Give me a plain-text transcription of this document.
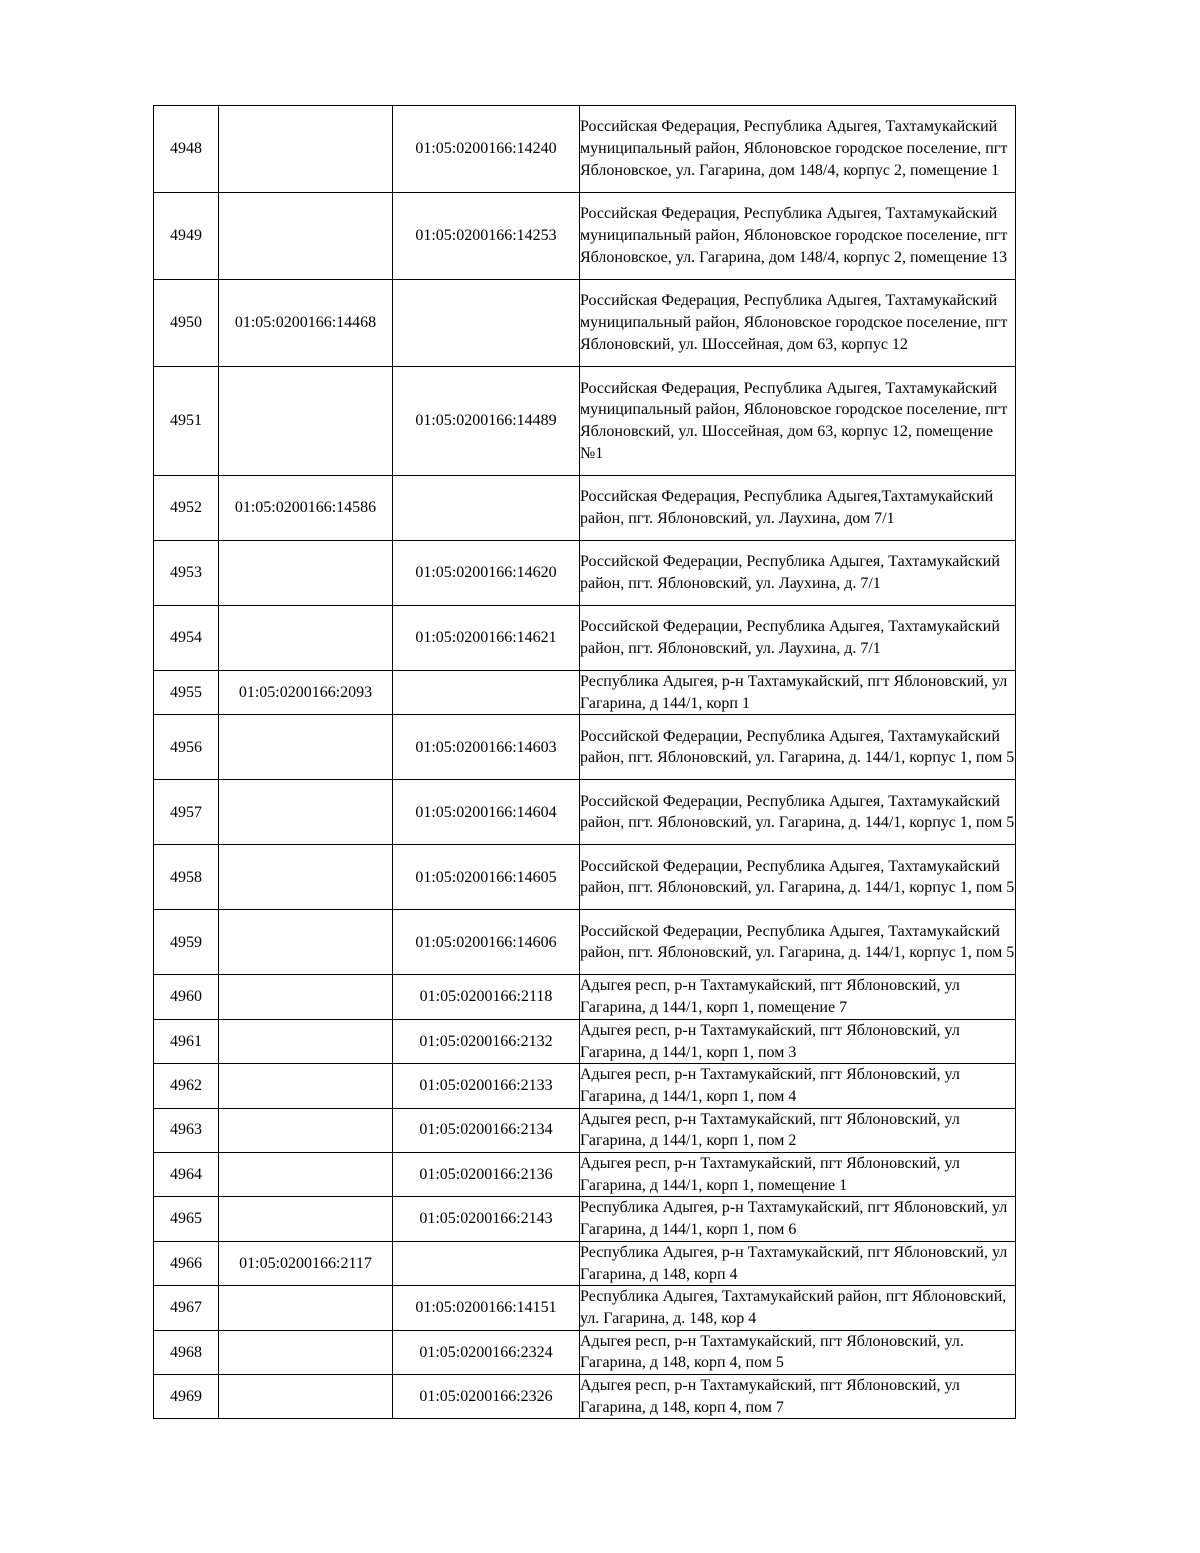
4948		01:05:0200166:14240	Российская Федерация, Республика Адыгея, Тахтамукайский муниципальный район, Яблоновское городское поселение, пгт Яблоновское, ул. Гагарина, дом 148/4, корпус 2, помещение 1
4949		01:05:0200166:14253	Российская Федерация, Республика Адыгея, Тахтамукайский муниципальный район, Яблоновское городское поселение, пгт Яблоновское, ул. Гагарина, дом 148/4, корпус 2, помещение 13
4950	01:05:0200166:14468		Российская Федерация, Республика Адыгея, Тахтамукайский муниципальный район, Яблоновское городское поселение, пгт Яблоновский, ул. Шоссейная, дом 63, корпус 12
4951		01:05:0200166:14489	Российская Федерация, Республика Адыгея, Тахтамукайский муниципальный район, Яблоновское городское поселение, пгт Яблоновский, ул. Шоссейная, дом 63, корпус 12, помещение №1
4952	01:05:0200166:14586		Российская Федерация, Республика Адыгея,Тахтамукайский район, пгт. Яблоновский, ул. Лаухина, дом 7/1
4953		01:05:0200166:14620	Российской Федерации, Республика Адыгея, Тахтамукайский район, пгт. Яблоновский, ул. Лаухина, д. 7/1
4954		01:05:0200166:14621	Российской Федерации, Республика Адыгея, Тахтамукайский район, пгт. Яблоновский, ул. Лаухина, д. 7/1
4955	01:05:0200166:2093		Республика Адыгея, р-н Тахтамукайский, пгт Яблоновский, ул Гагарина, д 144/1, корп 1
4956		01:05:0200166:14603	Российской Федерации, Республика Адыгея, Тахтамукайский район, пгт. Яблоновский, ул. Гагарина, д. 144/1, корпус 1, пом 5
4957		01:05:0200166:14604	Российской Федерации, Республика Адыгея, Тахтамукайский район, пгт. Яблоновский, ул. Гагарина, д. 144/1, корпус 1, пом 5
4958		01:05:0200166:14605	Российской Федерации, Республика Адыгея, Тахтамукайский район, пгт. Яблоновский, ул. Гагарина, д. 144/1, корпус 1, пом 5
4959		01:05:0200166:14606	Российской Федерации, Республика Адыгея, Тахтамукайский район, пгт. Яблоновский, ул. Гагарина, д. 144/1, корпус 1, пом 5
4960		01:05:0200166:2118	Адыгея респ, р-н Тахтамукайский, пгт Яблоновский, ул Гагарина, д 144/1, корп 1, помещение 7
4961		01:05:0200166:2132	Адыгея респ, р-н Тахтамукайский, пгт Яблоновский, ул Гагарина, д 144/1, корп 1, пом 3
4962		01:05:0200166:2133	Адыгея респ, р-н Тахтамукайский, пгт Яблоновский, ул Гагарина, д 144/1, корп 1, пом 4
4963		01:05:0200166:2134	Адыгея респ, р-н Тахтамукайский, пгт Яблоновский, ул Гагарина, д 144/1, корп 1, пом 2
4964		01:05:0200166:2136	Адыгея респ, р-н Тахтамукайский, пгт Яблоновский, ул Гагарина, д 144/1, корп 1, помещение 1
4965		01:05:0200166:2143	Республика Адыгея, р-н Тахтамукайский, пгт Яблоновский, ул Гагарина, д 144/1, корп 1, пом 6
4966	01:05:0200166:2117		Республика Адыгея, р-н Тахтамукайский, пгт Яблоновский, ул Гагарина, д 148, корп 4
4967		01:05:0200166:14151	Республика Адыгея, Тахтамукайский район, пгт Яблоновский, ул. Гагарина, д. 148, кор 4
4968		01:05:0200166:2324	Адыгея респ, р-н Тахтамукайский, пгт Яблоновский, ул. Гагарина, д 148, корп 4, пом 5
4969		01:05:0200166:2326	Адыгея респ, р-н Тахтамукайский, пгт Яблоновский, ул Гагарина, д 148, корп 4, пом 7
